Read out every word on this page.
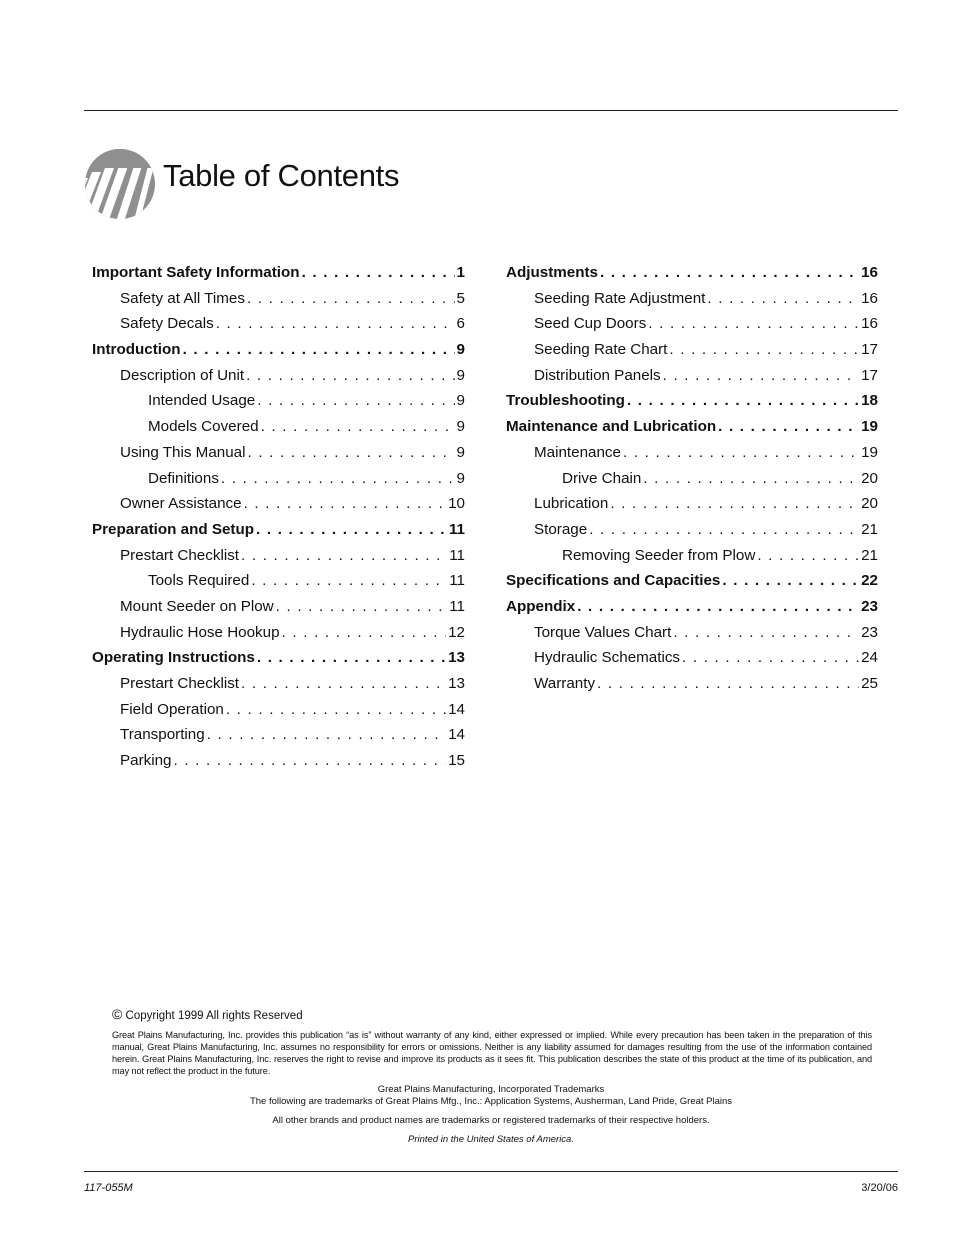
Table of Contents
Important Safety Information . . .	1
Safety at All Times . . .	5
Safety Decals . . .	6
Introduction . . .	9
Description of Unit . . .	9
Intended Usage . . .	9
Models Covered . . .	9
Using This Manual . . .	9
Definitions . . .	9
Owner Assistance . . .	10
Preparation and Setup . . .	11
Prestart Checklist . . .	11
Tools Required . . .	11
Mount Seeder on Plow . . .	11
Hydraulic Hose Hookup . . .	12
Operating Instructions . . .	13
Prestart Checklist . . .	13
Field Operation . . .	14
Transporting . . .	14
Parking . . .	15
Adjustments . . .	16
Seeding Rate Adjustment . . .	16
Seed Cup Doors . . .	16
Seeding Rate Chart . . .	17
Distribution Panels . . .	17
Troubleshooting . . .	18
Maintenance and Lubrication . . .	19
Maintenance . . .	19
Drive Chain . . .	20
Lubrication . . .	20
Storage . . .	21
Removing Seeder from Plow . . .	21
Specifications and Capacities . . .	22
Appendix . . .	23
Torque Values Chart . . .	23
Hydraulic Schematics . . .	24
Warranty . . .	25
© Copyright 1999 All rights Reserved
Great Plains Manufacturing, Inc. provides this publication “as is” without warranty of any kind, either expressed or implied. While every precaution has been taken in the preparation of this manual, Great Plains Manufacturing, Inc. assumes no responsibility for errors or omissions. Neither is any liability assumed for damages resulting from the use of the information contained herein. Great Plains Manufacturing, Inc. reserves the right to revise and improve its products as it sees fit. This publication describes the state of this product at the time of its publication, and may not reflect the product in the future.
Great Plains Manufacturing, Incorporated Trademarks
The following are trademarks of Great Plains Mfg., Inc.: Application Systems, Ausherman, Land Pride, Great Plains
All other brands and product names are trademarks or registered trademarks of their respective holders.
Printed in the United States of America.
117-055M	3/20/06
